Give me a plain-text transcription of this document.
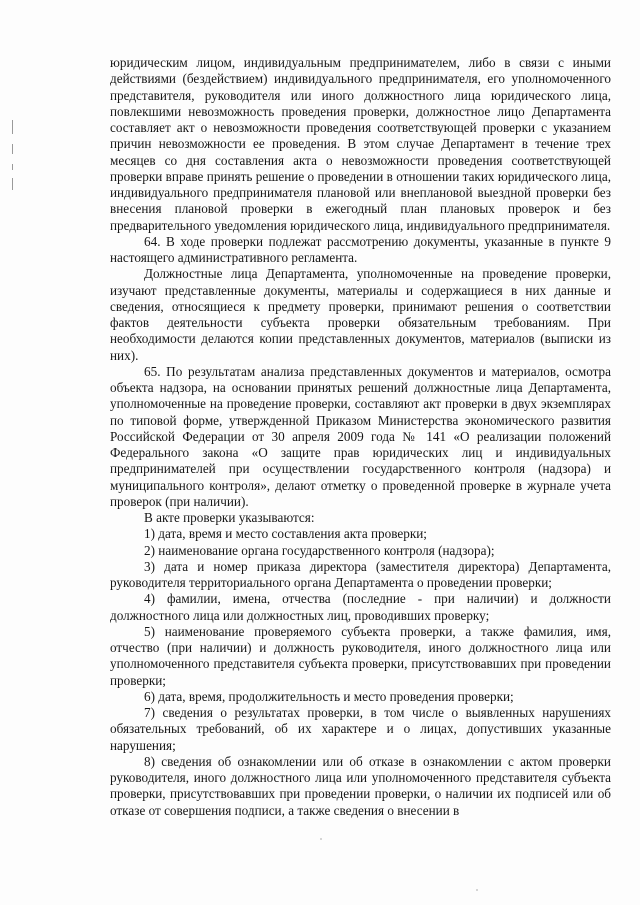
юридическим лицом, индивидуальным предпринимателем, либо в связи с иными действиями (бездействием) индивидуального предпринимателя, его уполномоченного представителя, руководителя или иного должностного лица юридического лица, повлекшими невозможность проведения проверки, должностное лицо Департамента составляет акт о невозможности проведения соответствующей проверки с указанием причин невозможности ее проведения. В этом случае Департамент в течение трех месяцев со дня составления акта о невозможности проведения соответствующей проверки вправе принять решение о проведении в отношении таких юридического лица, индивидуального предпринимателя плановой или внеплановой выездной проверки без внесения плановой проверки в ежегодный план плановых проверок и без предварительного уведомления юридического лица, индивидуального предпринимателя.

64. В ходе проверки подлежат рассмотрению документы, указанные в пункте 9 настоящего административного регламента.

Должностные лица Департамента, уполномоченные на проведение проверки, изучают представленные документы, материалы и содержащиеся в них данные и сведения, относящиеся к предмету проверки, принимают решения о соответствии фактов деятельности субъекта проверки обязательным требованиям. При необходимости делаются копии представленных документов, материалов (выписки из них).

65. По результатам анализа представленных документов и материалов, осмотра объекта надзора, на основании принятых решений должностные лица Департамента, уполномоченные на проведение проверки, составляют акт проверки в двух экземплярах по типовой форме, утвержденной Приказом Министерства экономического развития Российской Федерации от 30 апреля 2009 года № 141 «О реализации положений Федерального закона «О защите прав юридических лиц и индивидуальных предпринимателей при осуществлении государственного контроля (надзора) и муниципального контроля», делают отметку о проведенной проверке в журнале учета проверок (при наличии).

В акте проверки указываются:

1) дата, время и место составления акта проверки;

2) наименование органа государственного контроля (надзора);

3) дата и номер приказа директора (заместителя директора) Департамента, руководителя территориального органа Департамента о проведении проверки;

4) фамилии, имена, отчества (последние - при наличии) и должности должностного лица или должностных лиц, проводивших проверку;

5) наименование проверяемого субъекта проверки, а также фамилия, имя, отчество (при наличии) и должность руководителя, иного должностного лица или уполномоченного представителя субъекта проверки, присутствовавших при проведении проверки;

6) дата, время, продолжительность и место проведения проверки;

7) сведения о результатах проверки, в том числе о выявленных нарушениях обязательных требований, об их характере и о лицах, допустивших указанные нарушения;

8) сведения об ознакомлении или об отказе в ознакомлении с актом проверки руководителя, иного должностного лица или уполномоченного представителя субъекта проверки, присутствовавших при проведении проверки, о наличии их подписей или об отказе от совершения подписи, а также сведения о внесении в
